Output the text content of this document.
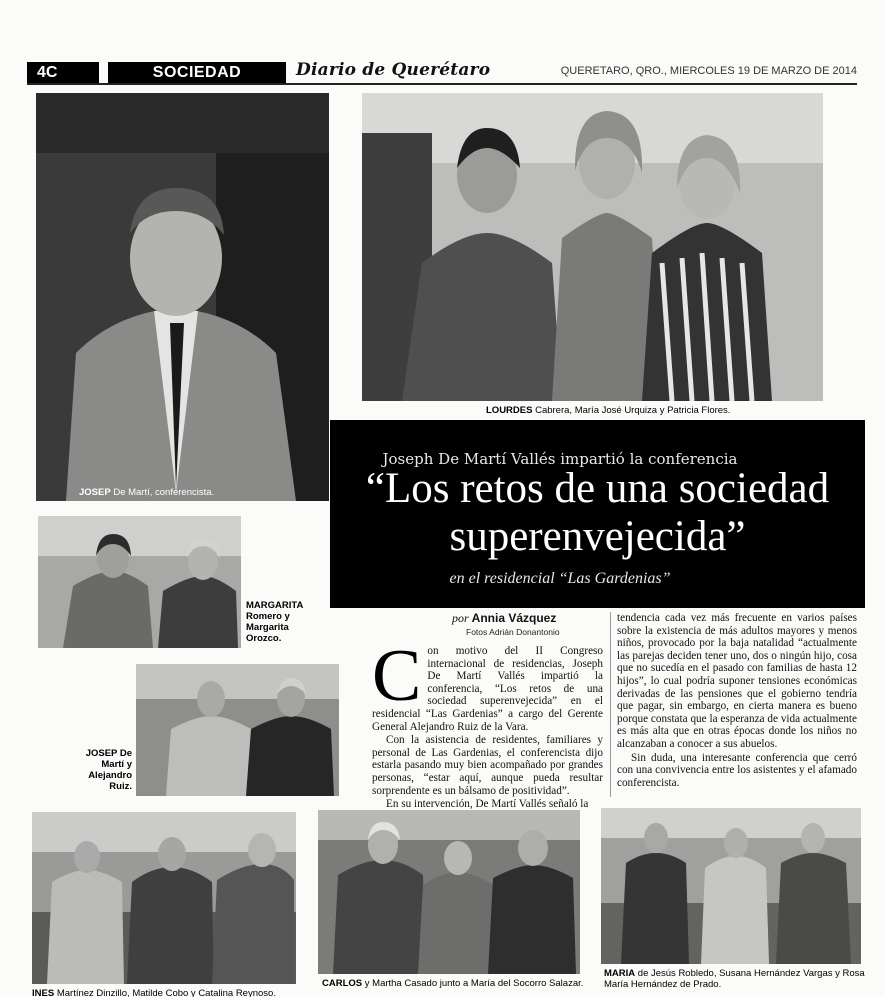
4C	SOCIEDAD	Diario de Querétaro	QUERETARO, QRO., MIERCOLES 19 DE MARZO DE 2014
JOSEP De Martí, conferencista.
LOURDES Cabrera, María José Urquiza y Patricia Flores.
Joseph De Martí Vallés impartió la conferencia
“Los retos de una sociedad
superenvejecida”
en el residencial “Las Gardenias”
MARGARITA
Romero y Margarita Orozco.
JOSEP De Martí y Alejandro Ruiz.
por Annia Vázquez
Fotos Adrián Donantonio
C on motivo del II Congreso internacional de residencias, Joseph De Martí Vallés impartió la conferencia, “Los retos de una sociedad superenvejecida” en el residencial “Las Gardenias” a cargo del Gerente General Alejandro Ruiz de la Vara.

Con la asistencia de residentes, familiares y personal de Las Gardenias, el conferencista dijo estarla pasando muy bien acompañado por grandes personas, “estar aquí, aunque pueda resultar sorprendente es un bálsamo de positividad”.

En su intervención, De Martí Vallés señaló la

tendencia cada vez más frecuente en varios países sobre la existencia de más adultos mayores y menos niños, provocado por la baja natalidad “actualmente las parejas deciden tener uno, dos o ningún hijo, cosa que no sucedía en el pasado con familias de hasta 12 hijos”, lo cual podría suponer tensiones económicas derivadas de las pensiones que el gobierno tendría que pagar, sin embargo, en cierta manera es bueno porque constata que la esperanza de vida actualmente es más alta que en otras épocas donde los niños no alcanzaban a conocer a sus abuelos.

Sin duda, una interesante conferencia que cerró con una convivencia entre los asistentes y el afamado conferencista.

INES Martínez Dinzillo, Matilde Cobo y Catalina Reynoso.
CARLOS y Martha Casado junto a María del Socorro Salazar.
MARIA de Jesús Robledo, Susana Hernández Vargas y Rosa María Hernández de Prado.
